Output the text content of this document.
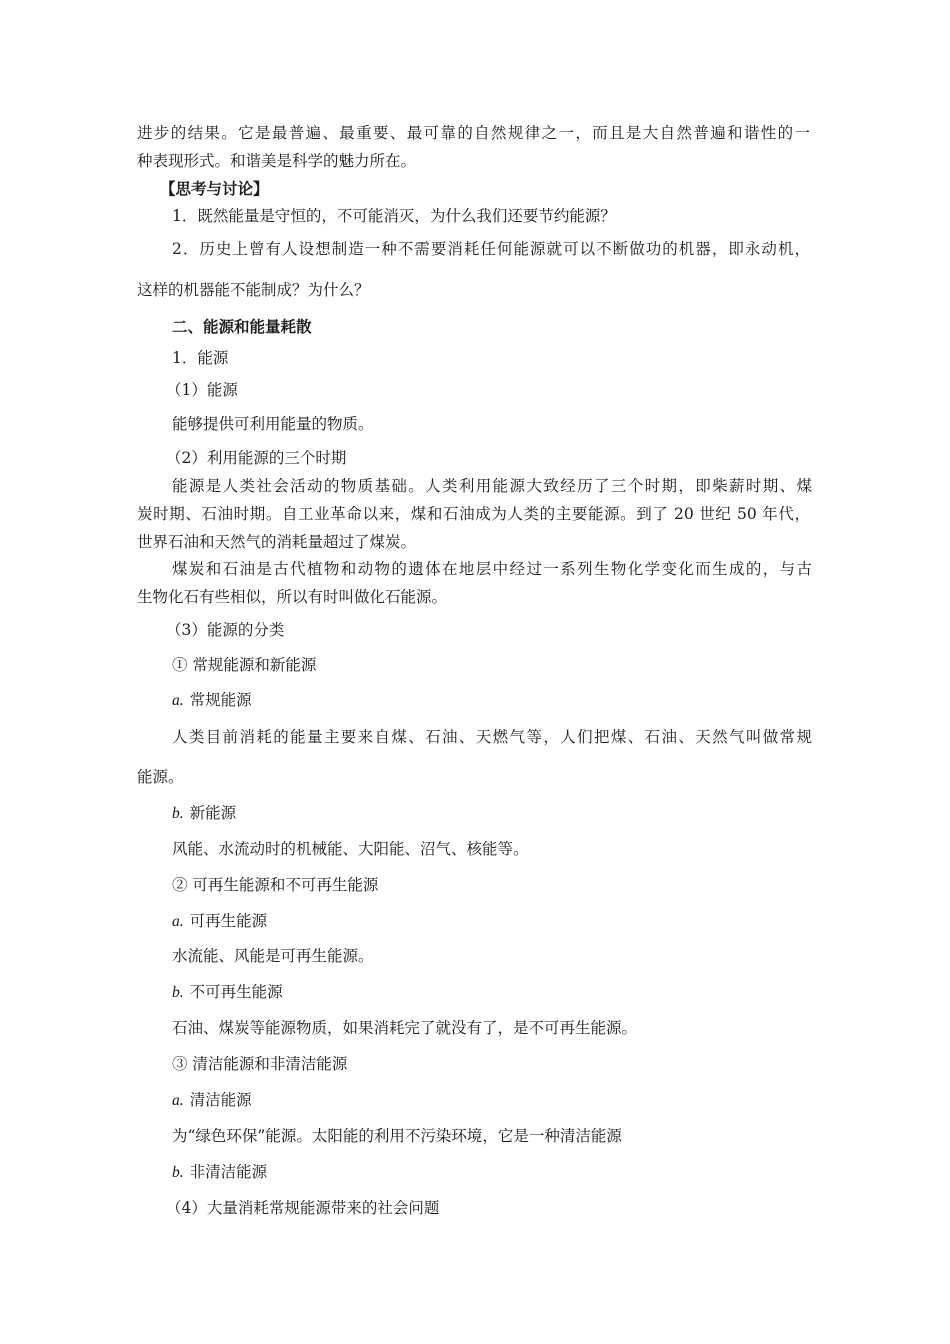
进步的结果。它是最普遍、最重要、最可靠的自然规律之一，而且是大自然普遍和谐性的一
种表现形式。和谐美是科学的魅力所在。
【思考与讨论】
1．既然能量是守恒的，不可能消灭，为什么我们还要节约能源？
2．历史上曾有人设想制造一种不需要消耗任何能源就可以不断做功的机器，即永动机，
这样的机器能不能制成？为什么？
二、能源和能量耗散
1．能源
（1）能源
能够提供可利用能量的物质。
（2）利用能源的三个时期
能源是人类社会活动的物质基础。人类利用能源大致经历了三个时期，即柴薪时期、煤
炭时期、石油时期。自工业革命以来，煤和石油成为人类的主要能源。到了 20 世纪 50 年代，
世界石油和天然气的消耗量超过了煤炭。
煤炭和石油是古代植物和动物的遗体在地层中经过一系列生物化学变化而生成的，与古
生物化石有些相似，所以有时叫做化石能源。
（3）能源的分类
① 常规能源和新能源
a. 常规能源
人类目前消耗的能量主要来自煤、石油、天燃气等，人们把煤、石油、天然气叫做常规
能源。
b. 新能源
风能、水流动时的机械能、大阳能、沼气、核能等。
② 可再生能源和不可再生能源
a. 可再生能源
水流能、风能是可再生能源。
b. 不可再生能源
石油、煤炭等能源物质，如果消耗完了就没有了，是不可再生能源。
③ 清洁能源和非清洁能源
a. 清洁能源
为“绿色环保”能源。太阳能的利用不污染环境，它是一种清洁能源
b. 非清洁能源
（4）大量消耗常规能源带来的社会问题
